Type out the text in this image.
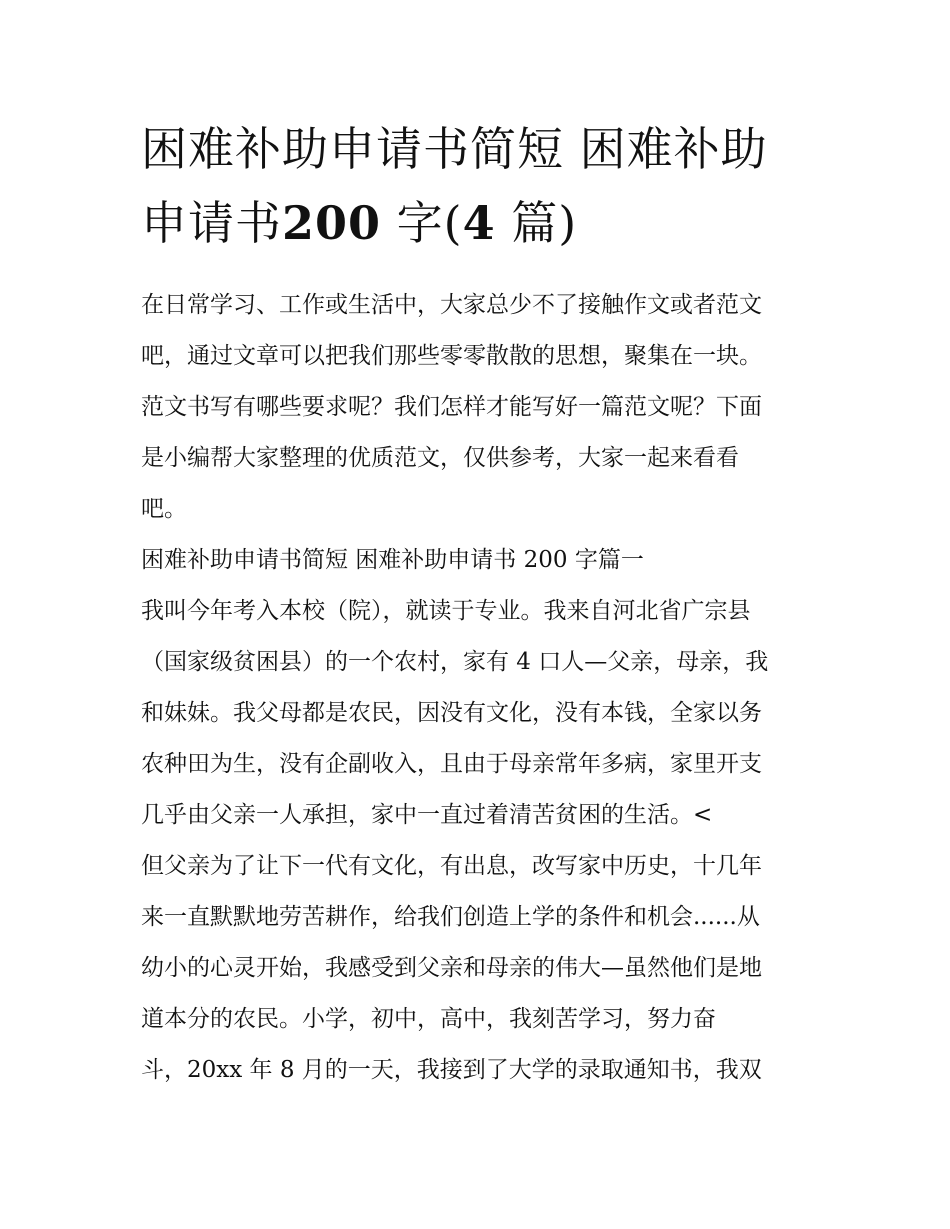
困难补助申请书简短 困难补助
申请书200 字(4 篇)
在日常学习、工作或生活中，大家总少不了接触作文或者范文
吧，通过文章可以把我们那些零零散散的思想，聚集在一块。
范文书写有哪些要求呢？我们怎样才能写好一篇范文呢？下面
是小编帮大家整理的优质范文，仅供参考，大家一起来看看
吧。
困难补助申请书简短 困难补助申请书 200 字篇一
我叫今年考入本校（院），就读于专业。我来自河北省广宗县
（国家级贫困县）的一个农村，家有 4 口人—父亲，母亲，我
和妹妹。我父母都是农民，因没有文化，没有本钱，全家以务
农种田为生，没有企副收入，且由于母亲常年多病，家里开支
几乎由父亲一人承担，家中一直过着清苦贫困的生活。<
但父亲为了让下一代有文化，有出息，改写家中历史，十几年
来一直默默地劳苦耕作，给我们创造上学的条件和机会......从
幼小的心灵开始，我感受到父亲和母亲的伟大—虽然他们是地
道本分的农民。小学，初中，高中，我刻苦学习，努力奋
斗，20xx 年 8 月的一天，我接到了大学的录取通知书，我双
